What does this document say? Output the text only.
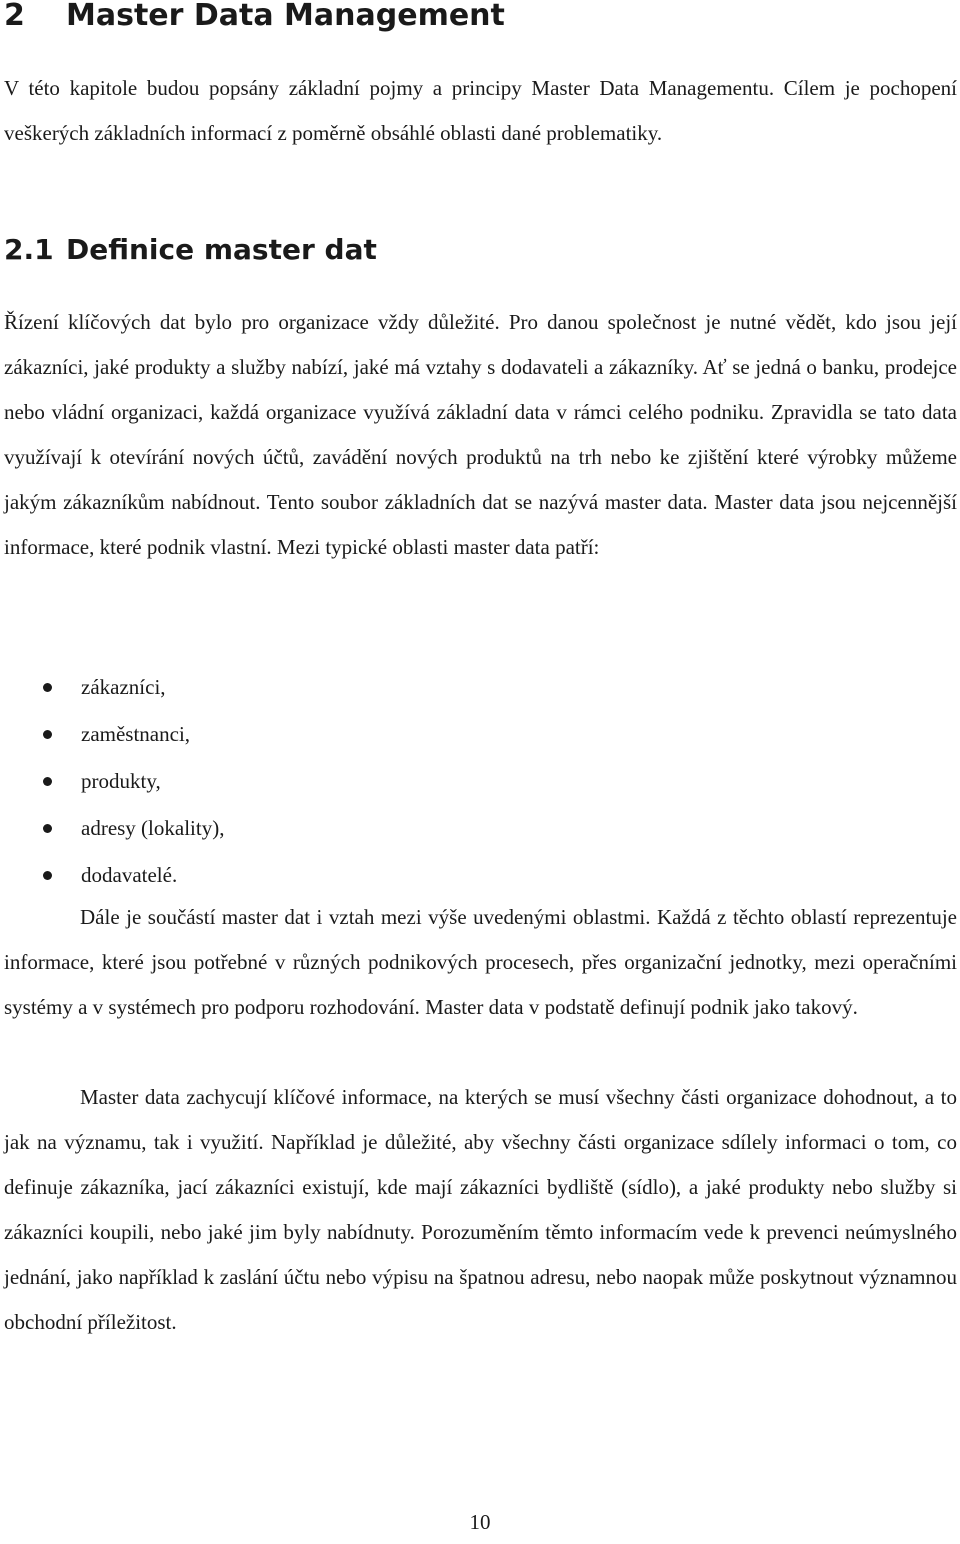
2 Master Data Management

V této kapitole budou popsány základní pojmy a principy Master Data Managementu. Cílem je pochopení veškerých základních informací z poměrně obsáhlé oblasti dané problematiky.

2.1 Definice master dat

Řízení klíčových dat bylo pro organizace vždy důležité. Pro danou společnost je nutné vědět, kdo jsou její zákazníci, jaké produkty a služby nabízí, jaké má vztahy s dodavateli a zákazníky. Ať se jedná o banku, prodejce nebo vládní organizaci, každá organizace využívá základní data v rámci celého podniku. Zpravidla se tato data využívají k otevírání nových účtů, zavádění nových produktů na trh nebo ke zjištění které výrobky můžeme jakým zákazníkům nabídnout. Tento soubor základních dat se nazývá master data. Master data jsou nejcennější informace, které podnik vlastní. Mezi typické oblasti master data patří:

zákazníci,
zaměstnanci,
produkty,
adresy (lokality),
dodavatelé.

Dále je součástí master dat i vztah mezi výše uvedenými oblastmi. Každá z těchto oblastí reprezentuje informace, které jsou potřebné v různých podnikových procesech, přes organizační jednotky, mezi operačními systémy a v systémech pro podporu rozhodování. Master data v podstatě definují podnik jako takový.

Master data zachycují klíčové informace, na kterých se musí všechny části organizace dohodnout, a to jak na významu, tak i využití. Například je důležité, aby všechny části organizace sdílely informaci o tom, co definuje zákazníka, jací zákazníci existují, kde mají zákazníci bydliště (sídlo), a jaké produkty nebo služby si zákazníci koupili, nebo jaké jim byly nabídnuty. Porozuměním těmto informacím vede k prevenci neúmyslného jednání, jako například k zaslání účtu nebo výpisu na špatnou adresu, nebo naopak může poskytnout významnou obchodní příležitost.

10
